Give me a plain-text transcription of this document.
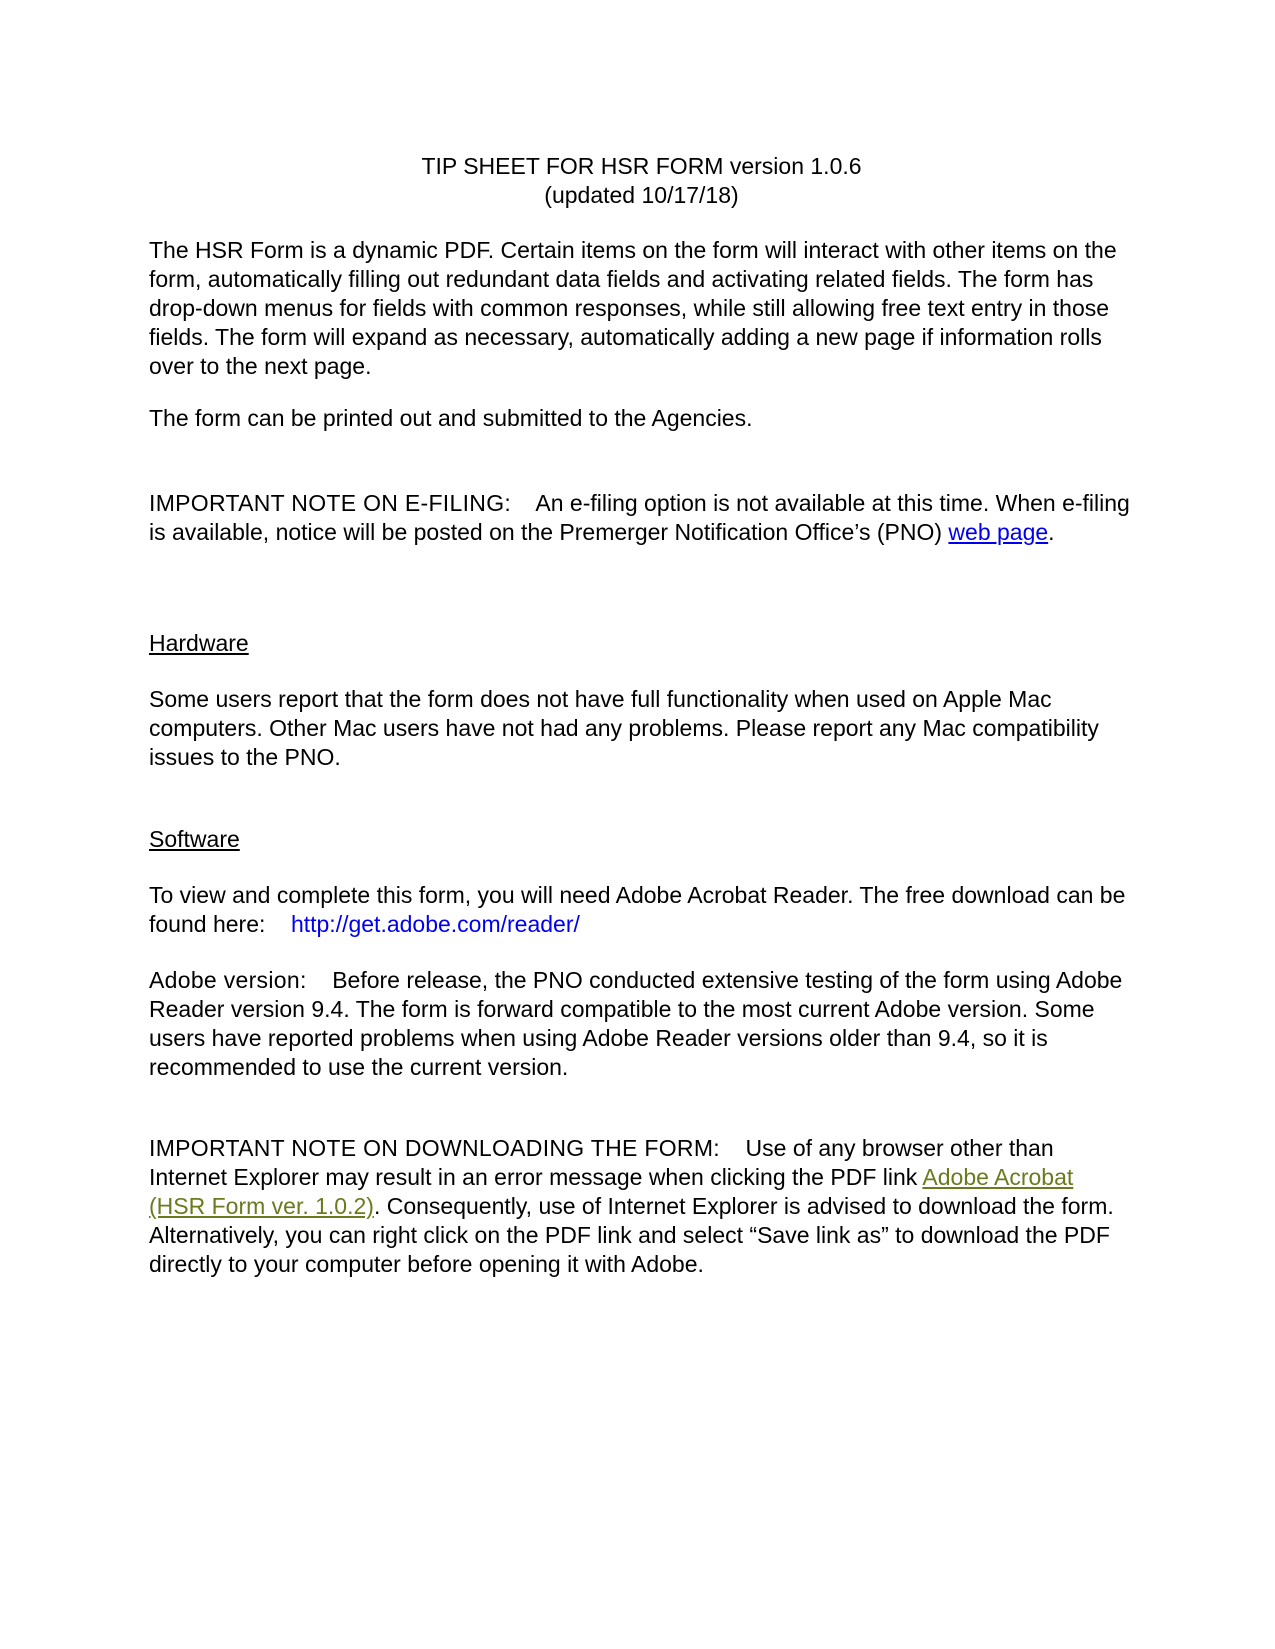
TIP SHEET FOR HSR FORM version 1.0.6
(updated 10/17/18)

The HSR Form is a dynamic PDF. Certain items on the form will interact with other items on the form, automatically filling out redundant data fields and activating related fields. The form has drop-down menus for fields with common responses, while still allowing free text entry in those fields. The form will expand as necessary, automatically adding a new page if information rolls over to the next page.

The form can be printed out and submitted to the Agencies.

IMPORTANT NOTE ON E-FILING: An e-filing option is not available at this time. When e-filing is available, notice will be posted on the Premerger Notification Office’s (PNO) web page.

Hardware

Some users report that the form does not have full functionality when used on Apple Mac computers. Other Mac users have not had any problems. Please report any Mac compatibility issues to the PNO.

Software

To view and complete this form, you will need Adobe Acrobat Reader. The free download can be found here: http://get.adobe.com/reader/

Adobe version: Before release, the PNO conducted extensive testing of the form using Adobe Reader version 9.4. The form is forward compatible to the most current Adobe version. Some users have reported problems when using Adobe Reader versions older than 9.4, so it is recommended to use the current version.

IMPORTANT NOTE ON DOWNLOADING THE FORM: Use of any browser other than Internet Explorer may result in an error message when clicking the PDF link Adobe Acrobat (HSR Form ver. 1.0.2). Consequently, use of Internet Explorer is advised to download the form. Alternatively, you can right click on the PDF link and select “Save link as” to download the PDF directly to your computer before opening it with Adobe.
